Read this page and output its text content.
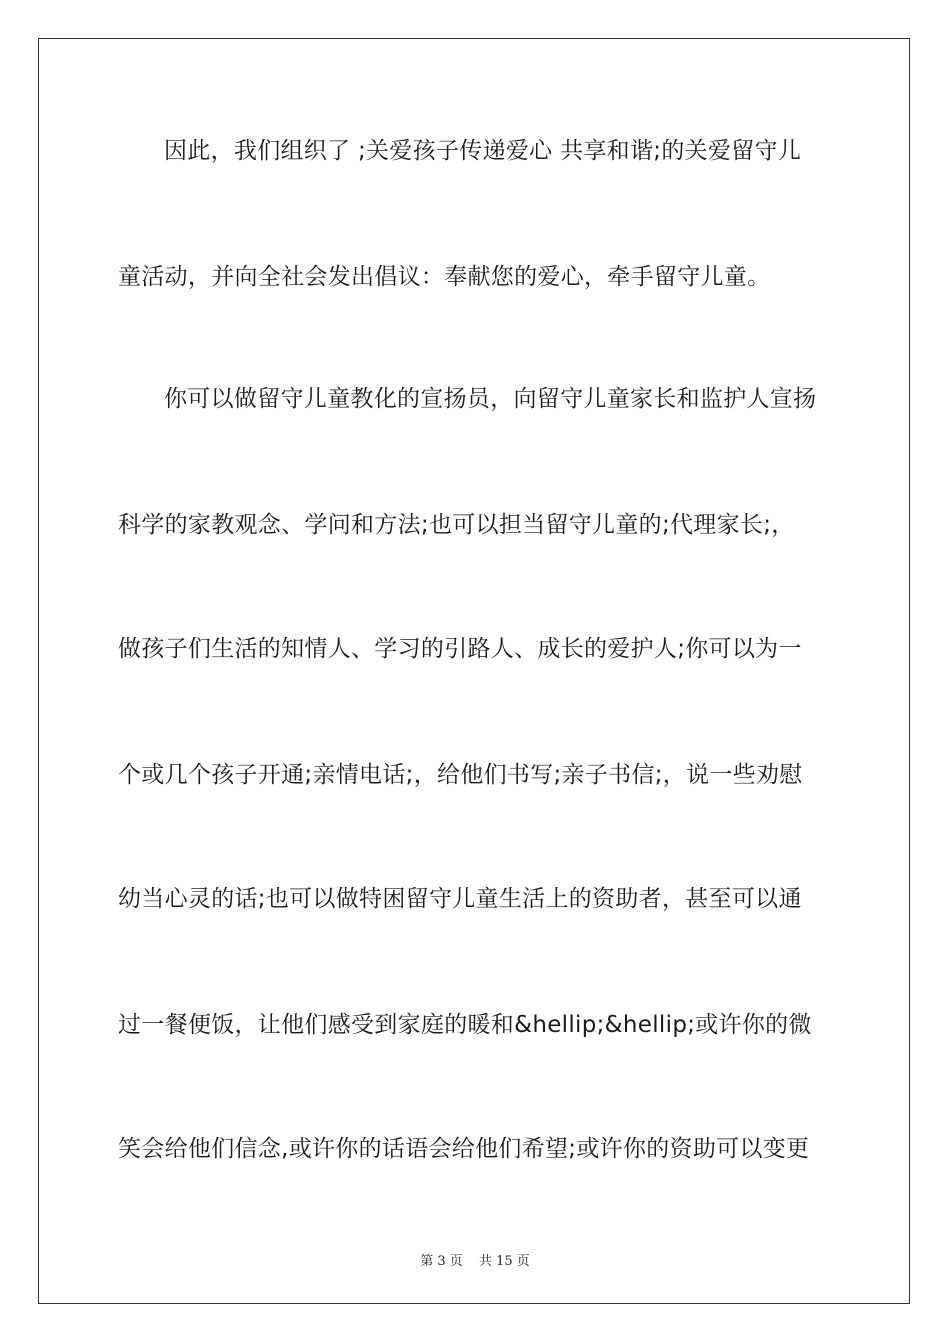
因此，我们组织了 ;关爱孩子传递爱心 共享和谐;的关爱留守儿
童活动，并向全社会发出倡议：奉献您的爱心，牵手留守儿童。
你可以做留守儿童教化的宣扬员，向留守儿童家长和监护人宣扬
科学的家教观念、学问和方法;也可以担当留守儿童的;代理家长;，
做孩子们生活的知情人、学习的引路人、成长的爱护人;你可以为一
个或几个孩子开通;亲情电话;，给他们书写;亲子书信;，说一些劝慰
幼当心灵的话;也可以做特困留守儿童生活上的资助者，甚至可以通
过一餐便饭，让他们感受到家庭的暖和&hellip;&hellip;或许你的微
笑会给他们信念,或许你的话语会给他们希望;或许你的资助可以变更
第 3 页 共 15 页
